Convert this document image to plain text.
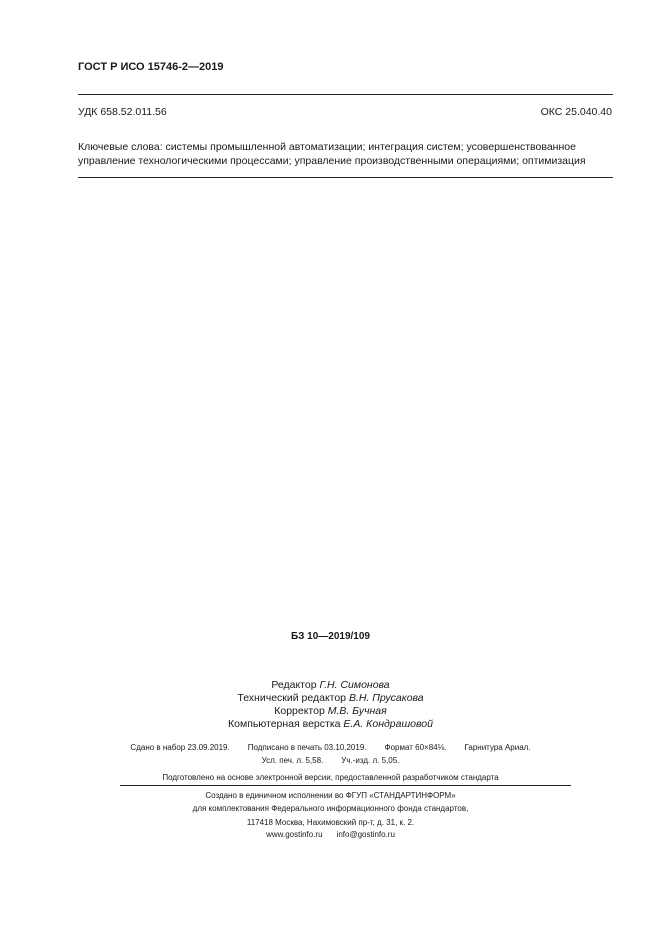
ГОСТ Р ИСО 15746-2—2019
УДК 658.52.011.56	ОКС 25.040.40
Ключевые слова: системы промышленной автоматизации; интеграция систем; усовершенствованное
управление технологическими процессами; управление производственными операциями; оптимизация
БЗ 10—2019/109
Редактор Г.Н. Симонова
Технический редактор В.Н. Прусакова
Корректор М.В. Бучная
Компьютерная верстка Е.А. Кондрашовой
Сдано в набор 23.09.2019. Подписано в печать 03.10.2019. Формат 60×84⅛. Гарнитура Ариал.
Усл. печ. л. 5,58. Уч.-изд. л. 5,05.
Подготовлено на основе электронной версии, предоставленной разработчиком стандарта
Создано в единичном исполнении во ФГУП «СТАНДАРТИНФОРМ»
для комплектования Федерального информационного фонда стандартов,
117418 Москва, Нахимовский пр-т, д. 31, к. 2.
www.gostinfo.ru info@gostinfo.ru
